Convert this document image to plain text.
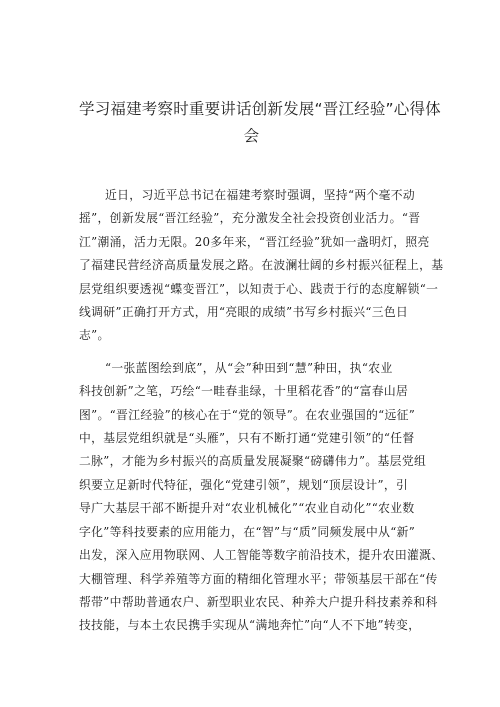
学习福建考察时重要讲话创新发展“晋江经验”心得体
会
近日，习近平总书记在福建考察时强调，坚持“两个毫不动
摇”，创新发展“晋江经验”，充分激发全社会投资创业活力。“晋
江”潮涌，活力无限。20多年来，“晋江经验”犹如一盏明灯，照亮
了福建民营经济高质量发展之路。在波澜壮阔的乡村振兴征程上，基
层党组织要透视“蝶变晋江”，以知责于心、践责于行的态度解锁“一
线调研”正确打开方式，用“亮眼的成绩”书写乡村振兴“三色日
志”。
“一张蓝图绘到底”，从“会”种田到“慧”种田，执“农业
科技创新”之笔，巧绘“一畦春韭绿，十里稻花香”的“富春山居
图”。“晋江经验”的核心在于“党的领导”。在农业强国的“远征”
中，基层党组织就是“头雁”，只有不断打通“党建引领”的“任督
二脉”，才能为乡村振兴的高质量发展凝聚“磅礴伟力”。基层党组
织要立足新时代特征，强化“党建引领”，规划“顶层设计”，引
导广大基层干部不断提升对“农业机械化”“农业自动化”“农业数
字化”等科技要素的应用能力，在“智”与“质”同频发展中从“新”
出发，深入应用物联网、人工智能等数字前沿技术，提升农田灌溉、
大棚管理、科学养殖等方面的精细化管理水平；带领基层干部在“传
帮带”中帮助普通农户、新型职业农民、种养大户提升科技素养和科
技技能，与本土农民携手实现从“满地奔忙”向“人不下地”转变，
